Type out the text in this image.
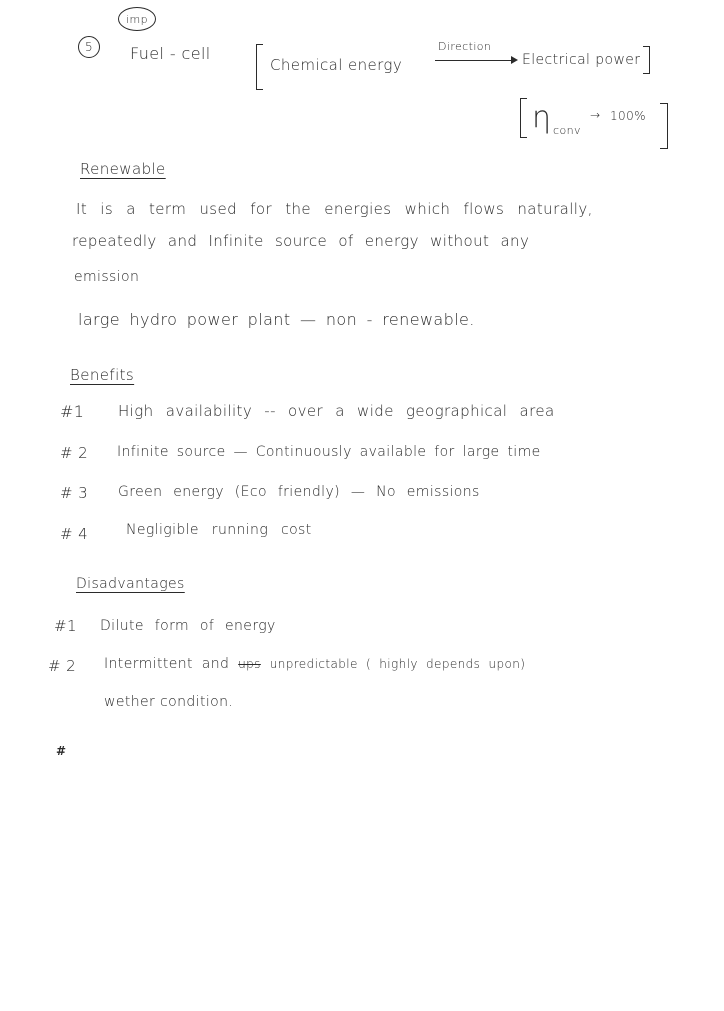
imp
5 Fuel - cell
Chemical energy
Direction
Electrical power
η conv
→ 100%
Renewable
It is a term used for the energies which flows naturally,
repeatedly and Infinite source of energy without any
emission
large hydro power plant — non - renewable.
Benefits
#1 High availability -- over a wide geographical area
# 2 Infinite source — Continuously available for large time
# 3 Green energy (Eco friendly) — No emissions
# 4	Negligible running cost
Disadvantages
#1 Dilute form of energy
# 2 Intermittent and ups unpredictable ( highly depends upon)
wether condition.
#
